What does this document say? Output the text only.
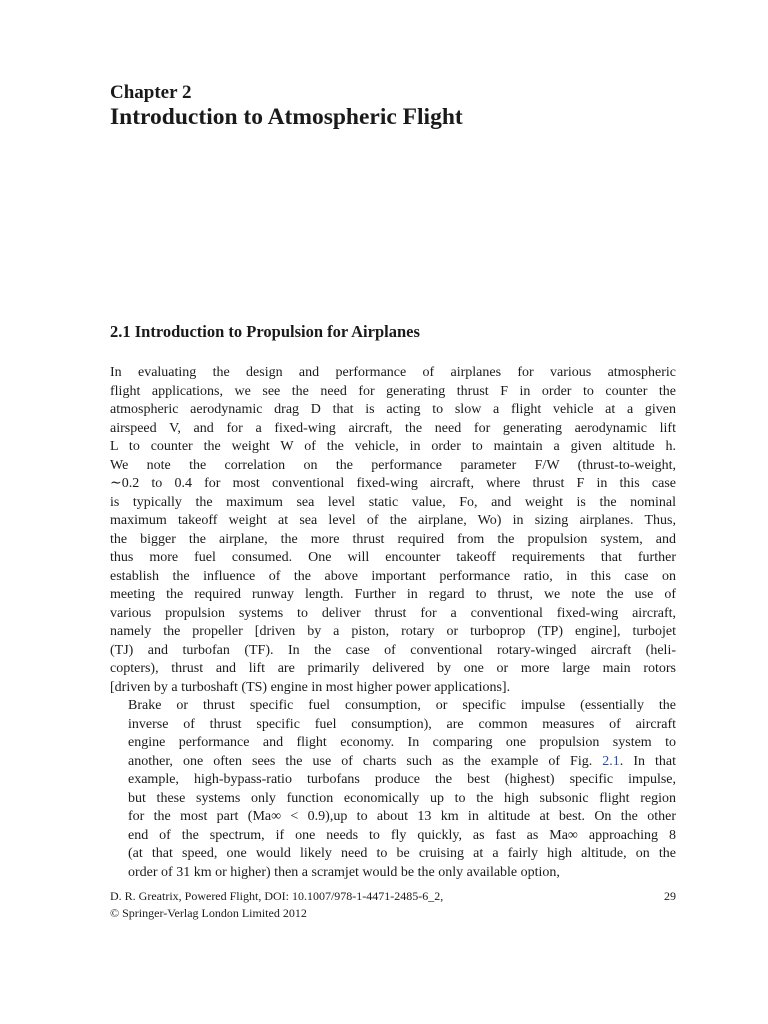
Chapter 2
Introduction to Atmospheric Flight
2.1 Introduction to Propulsion for Airplanes

In evaluating the design and performance of airplanes for various atmospheric
flight applications, we see the need for generating thrust F in order to counter the
atmospheric aerodynamic drag D that is acting to slow a flight vehicle at a given
airspeed V, and for a fixed-wing aircraft, the need for generating aerodynamic lift
L to counter the weight W of the vehicle, in order to maintain a given altitude h.
We note the correlation on the performance parameter F/W (thrust-to-weight,
∼0.2 to 0.4 for most conventional fixed-wing aircraft, where thrust F in this case
is typically the maximum sea level static value, Fo, and weight is the nominal
maximum takeoff weight at sea level of the airplane, Wo) in sizing airplanes. Thus,
the bigger the airplane, the more thrust required from the propulsion system, and
thus more fuel consumed. One will encounter takeoff requirements that further
establish the influence of the above important performance ratio, in this case on
meeting the required runway length. Further in regard to thrust, we note the use of
various propulsion systems to deliver thrust for a conventional fixed-wing aircraft,
namely the propeller [driven by a piston, rotary or turboprop (TP) engine], turbojet
(TJ) and turbofan (TF). In the case of conventional rotary-winged aircraft (heli-
copters), thrust and lift are primarily delivered by one or more large main rotors
[driven by a turboshaft (TS) engine in most higher power applications].

Brake or thrust specific fuel consumption, or specific impulse (essentially the
inverse of thrust specific fuel consumption), are common measures of aircraft
engine performance and flight economy. In comparing one propulsion system to
another, one often sees the use of charts such as the example of Fig. 2.1. In that
example, high-bypass-ratio turbofans produce the best (highest) specific impulse,
but these systems only function economically up to the high subsonic flight region
for the most part (Ma∞ < 0.9),up to about 13 km in altitude at best. On the other
end of the spectrum, if one needs to fly quickly, as fast as Ma∞ approaching 8
(at that speed, one would likely need to be cruising at a fairly high altitude, on the
order of 31 km or higher) then a scramjet would be the only available option,

D. R. Greatrix, Powered Flight, DOI: 10.1007/978-1-4471-2485-6_2,
© Springer-Verlag London Limited 2012
29
